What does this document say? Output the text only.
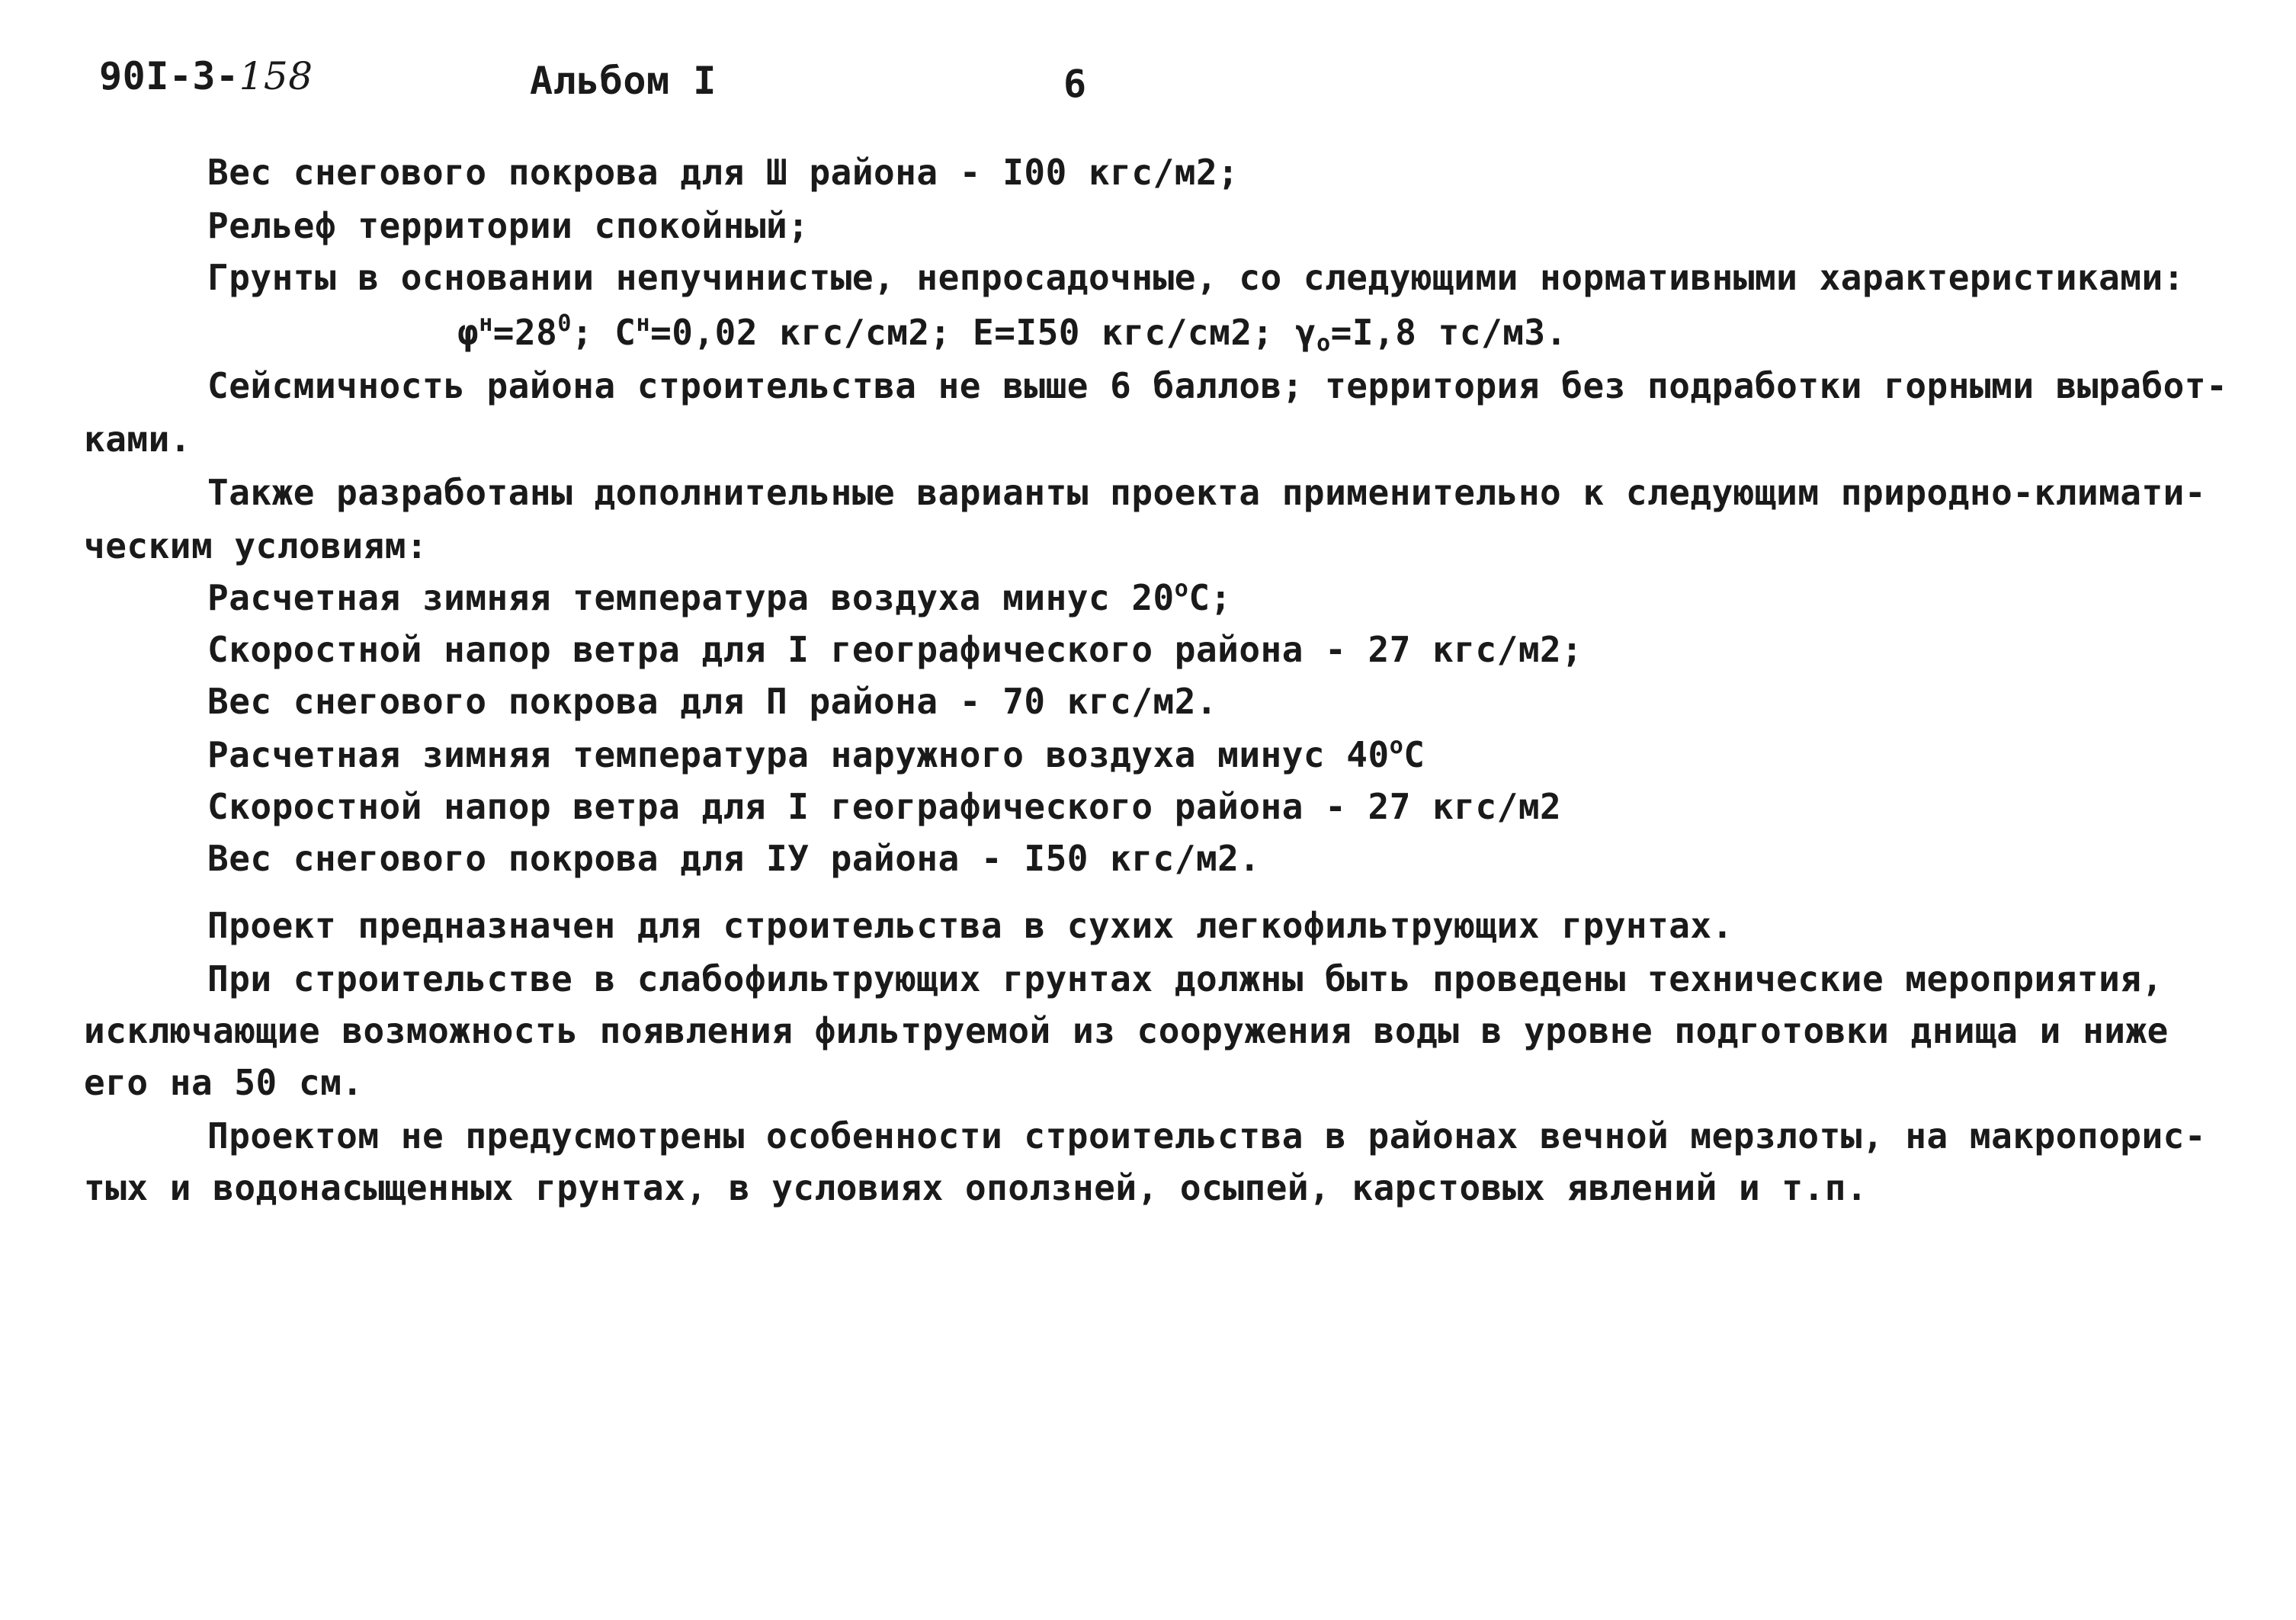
90I-3-158	Альбом I	6
Вес снегового покрова для Ш района - I00 кгс/м2;
Рельеф территории спокойный;
Грунты в основании непучинистые, непросадочные, со следующими нормативными характеристиками:
$\varphi^н=28^0$; $C^н=0,02$ кгс/см2; E=I50 кгс/см2; $\gamma_о=I,8$ тс/м3.
Сейсмичность района строительства не выше 6 баллов; территория без подработки горными выработ-
ками.
Также разработаны дополнительные варианты проекта применительно к следующим природно-климати-
ческим условиям:
Расчетная зимняя температура воздуха минус $20^оС$;
Скоростной напор ветра для I географического района - 27 кгс/м2;
Вес снегового покрова для П района - 70 кгс/м2.
Расчетная зимняя температура наружного воздуха минус $40^оС$
Скоростной напор ветра для I географического района - 27 кгс/м2
Вес снегового покрова для IУ района - I50 кгс/м2.
Проект предназначен для строительства в сухих легкофильтрующих грунтах.
При строительстве в слабофильтрующих грунтах должны быть проведены технические мероприятия,
исключающие возможность появления фильтруемой из сооружения воды в уровне подготовки днища и ниже
его на 50 см.
Проектом не предусмотрены особенности строительства в районах вечной мерзлоты, на макропорис-
тых и водонасыщенных грунтах, в условиях оползней, осыпей, карстовых явлений и т.п.
